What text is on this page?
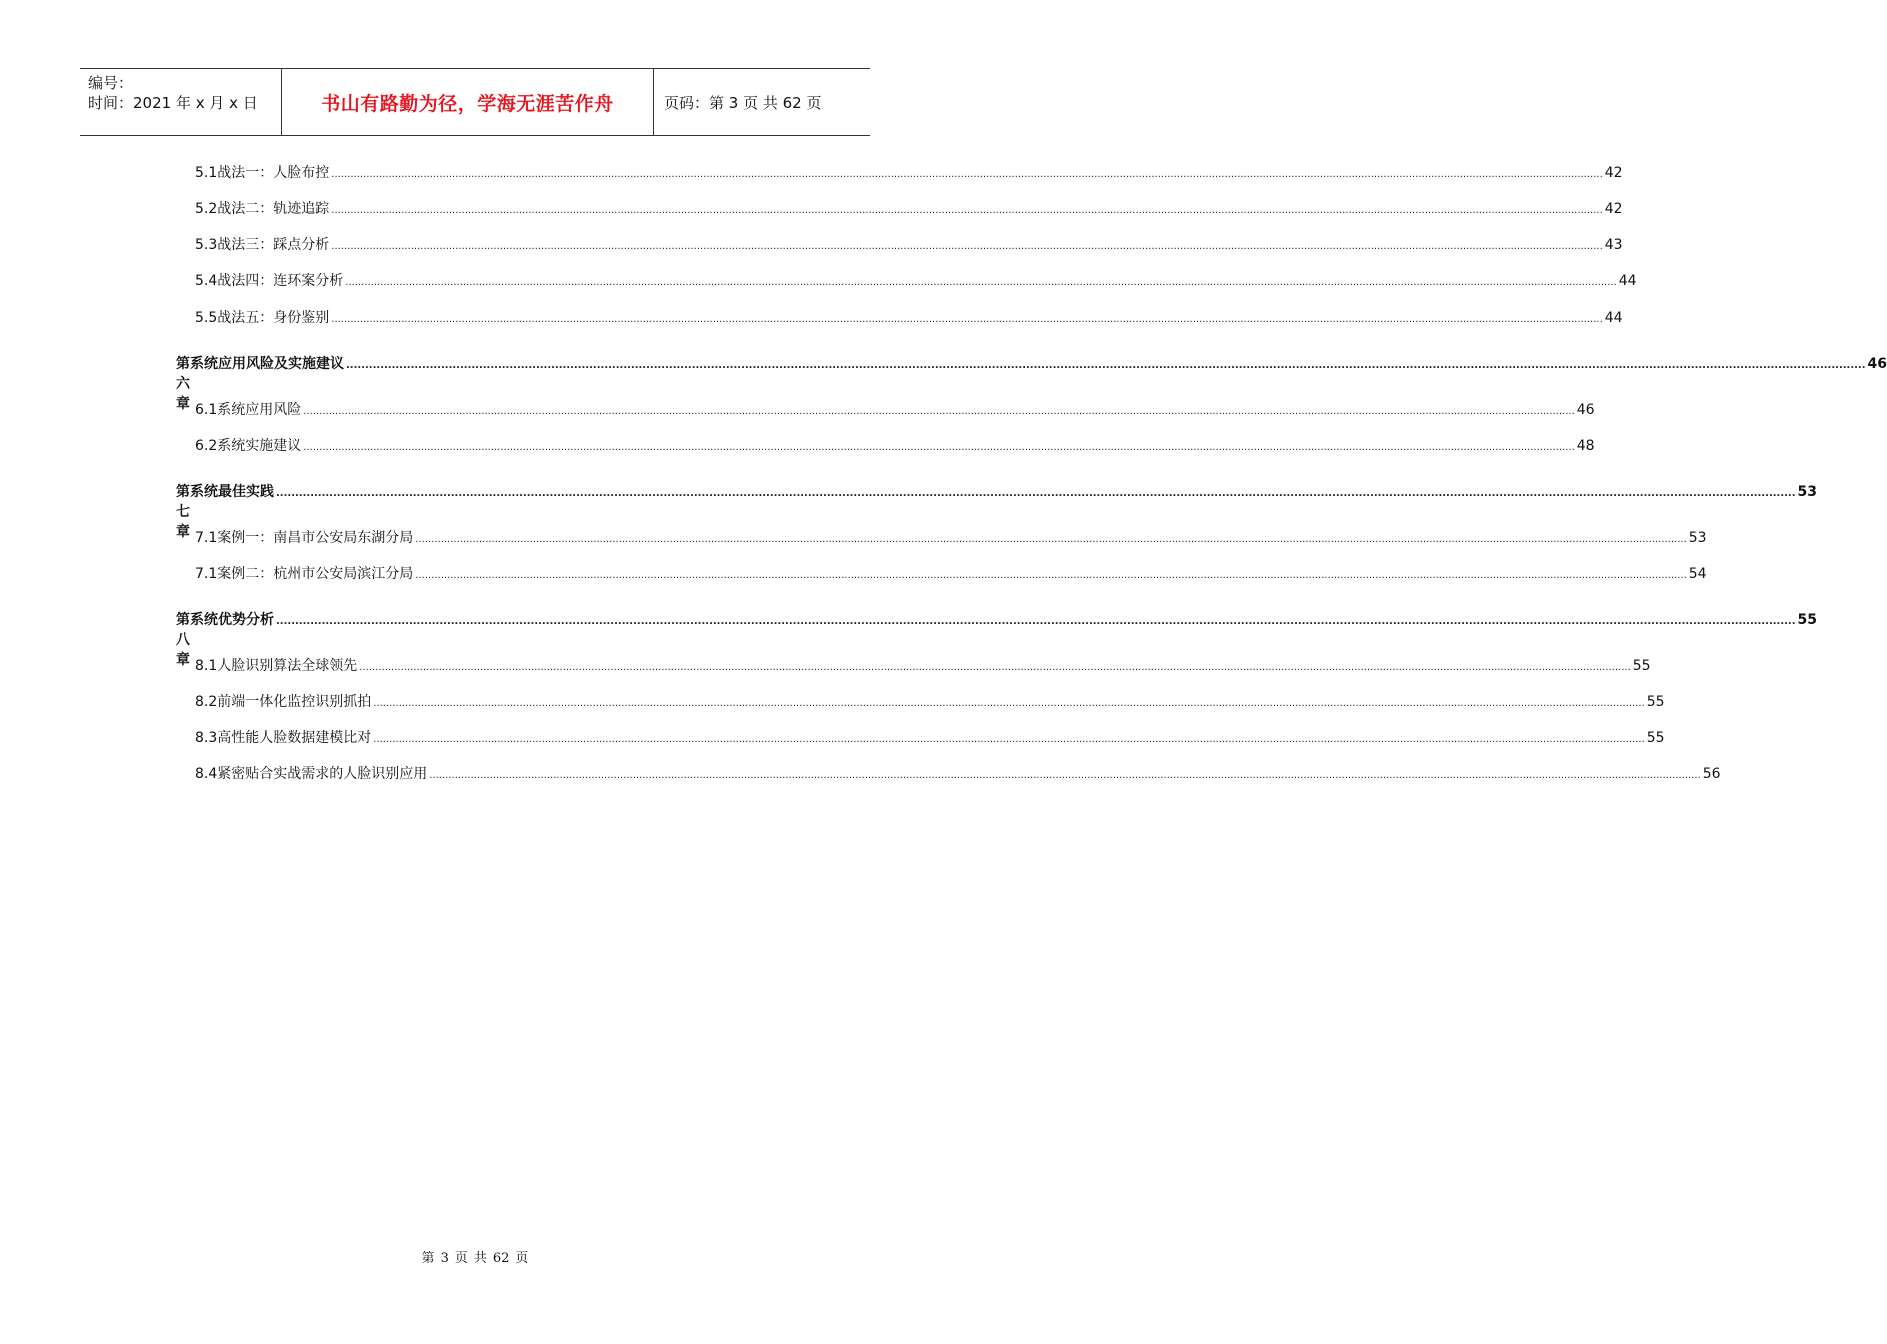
编号：
时间：2021 年 x 月 x 日	书山有路勤为径，学海无涯苦作舟	页码：第 3 页 共 62 页
5.1 战法一：人脸布控 ................................................................................................................................................................................................................................................................................................................................................................................................................ 42
5.2 战法二：轨迹追踪 ................................................................................................................................................................................................................................................................................................................................................................................................................ 42
5.3 战法三：踩点分析 ................................................................................................................................................................................................................................................................................................................................................................................................................ 43
5.4 战法四：连环案分析 ................................................................................................................................................................................................................................................................................................................................................................................................................ 44
5.5 战法五：身份鉴别 ................................................................................................................................................................................................................................................................................................................................................................................................................ 44
第六章
系统应用风险及实施建议 ................................................................................................................................................................................................................................................................................................................................................................................................................ 46
6.1 系统应用风险 ................................................................................................................................................................................................................................................................................................................................................................................................................ 46
6.2 系统实施建议 ................................................................................................................................................................................................................................................................................................................................................................................................................ 48
第七章
系统最佳实践 ................................................................................................................................................................................................................................................................................................................................................................................................................ 53
7.1 案例一：南昌市公安局东湖分局 ................................................................................................................................................................................................................................................................................................................................................................................................................ 53
7.1 案例二：杭州市公安局滨江分局 ................................................................................................................................................................................................................................................................................................................................................................................................................ 54
第八章
系统优势分析 ................................................................................................................................................................................................................................................................................................................................................................................................................ 55
8.1 人脸识别算法全球领先 ................................................................................................................................................................................................................................................................................................................................................................................................................ 55
8.2 前端一体化监控识别抓拍 ................................................................................................................................................................................................................................................................................................................................................................................................................ 55
8.3 高性能人脸数据建模比对 ................................................................................................................................................................................................................................................................................................................................................................................................................ 55
8.4 紧密贴合实战需求的人脸识别应用 ................................................................................................................................................................................................................................................................................................................................................................................................................ 56
第 3 页 共 62 页
